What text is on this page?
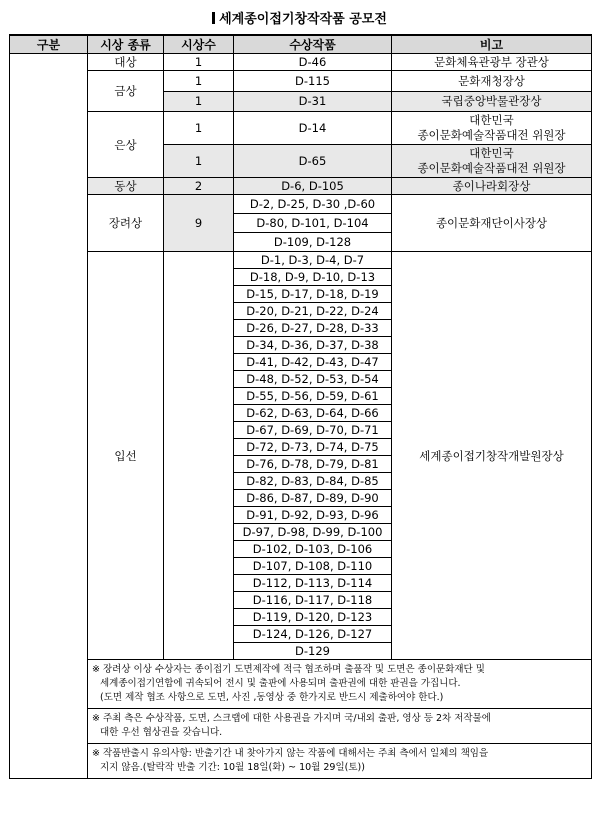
세계종이접기창작작품 공모전
구분	시상 종류	시상수	수상작품	비고
	대상	1	D-46	문화체육관광부 장관상
	금상	1	D-115	문화재청장상
		1	D-31	국립중앙박물관장상
	은상	1	D-14	대한민국
종이문화예술작품대전 위원장

		1	D-65	대한민국
종이문화예술작품대전 위원장

	동상	2	D-6, D-105	종이나라회장상
	장려상	9	D-2, D-25, D-30 ,D-60	종이문화재단이사장상
			D-80, D-101, D-104	
			D-109, D-128	
	입선		D-1, D-3, D-4, D-7	세계종이접기창작개발원장상
			D-18, D-9, D-10, D-13	
			D-15, D-17, D-18, D-19	
			D-20, D-21, D-22, D-24	
			D-26, D-27, D-28, D-33	
			D-34, D-36, D-37, D-38	
			D-41, D-42, D-43, D-47	
			D-48, D-52, D-53, D-54	
			D-55, D-56, D-59, D-61	
			D-62, D-63, D-64, D-66	
			D-67, D-69, D-70, D-71	
			D-72, D-73, D-74, D-75	
			D-76, D-78, D-79, D-81	
			D-82, D-83, D-84, D-85	
			D-86, D-87, D-89, D-90	
			D-91, D-92, D-93, D-96	
			D-97, D-98, D-99, D-100	
			D-102, D-103, D-106	
			D-107, D-108, D-110	
			D-112, D-113, D-114	
			D-116, D-117, D-118	
			D-119, D-120, D-123	
			D-124, D-126, D-127	
			D-129	

	※ 장려상 이상 수상자는 종이접기 도면제작에 적극 협조하며 출품작 및 도면은 종이문화재단 및
세계종이접기연합에 귀속되어 전시 및 출판에 사용되며 출판권에 대한 판권을 가집니다.
(도면 제작 협조 사항으로 도면, 사진 ,동영상 중 한가지로 반드시 제출하여야 한다.)			

	※ 주최 측은 수상작품, 도면, 스크랩에 대한 사용권을 가지며 국/내외 출판, 영상 등 2차 저작물에
대한 우선 협상권을 갖습니다.			

	※ 작품반출시 유의사항: 반출기간 내 찾아가지 않는 작품에 대해서는 주최 측에서 일체의 책임을
지지 않음.(탈락작 반출 기간: 10월 18일(화) ~ 10월 29일(토))			
